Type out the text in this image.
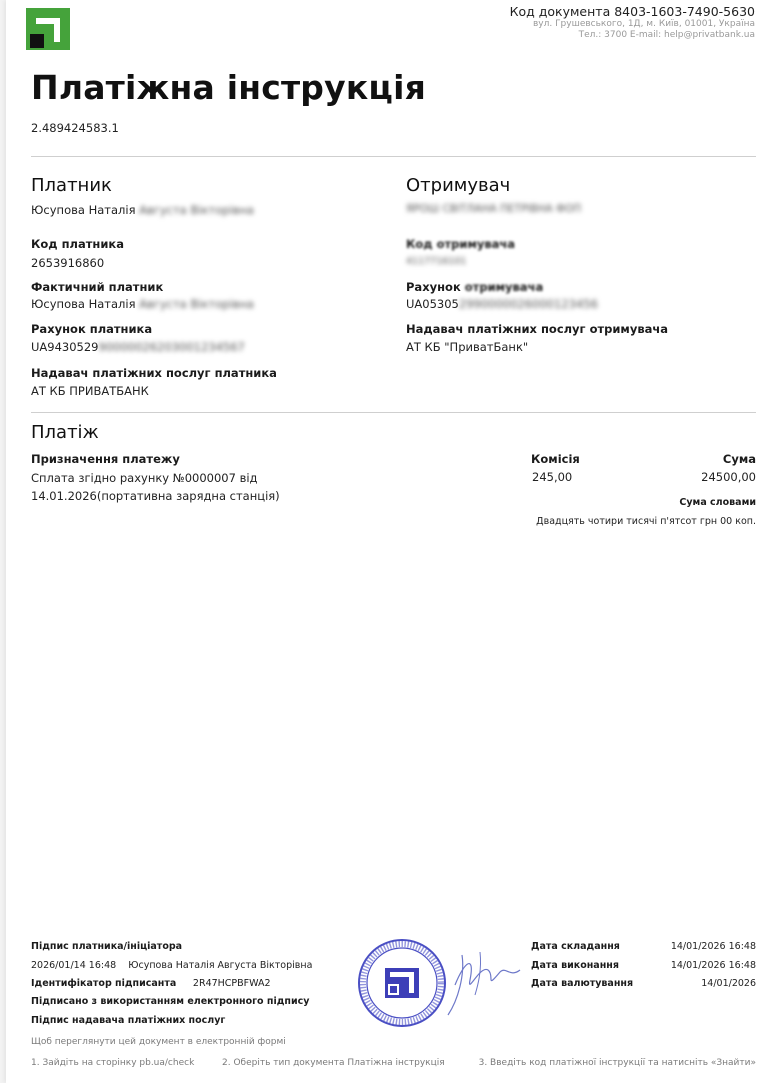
Код документа 8403-1603-7490-5630
вул. Грушевського, 1Д, м. Київ, 01001, Україна
Тел.: 3700 E-mail: help@privatbank.ua
Платіжна інструкція
2.489424583.1
Платник
Юсупова Наталія Августа Вікторівна
Код платника
2653916860
Фактичний платник
Юсупова Наталія Августа Вікторівна
Рахунок платника
UA943052990000026203001234567
Надавач платіжних послуг платника
АТ КБ ПРИВАТБАНК
Отримувач
ЯРОШ СВІТЛАНА ПЕТРІВНА ФОП
Код отримувача
4117716101
Рахунок отримувача
UA053052990000026000123456
Надавач платіжних послуг отримувача
АТ КБ "ПриватБанк"
Платіж
Призначення платежу
Сплата згідно рахунку №0000007 від
14.01.2026(портативна зарядна станція)
Комісія
245,00
Сума
24500,00
Сума словами
Двадцять чотири тисячі п'ятсот грн 00 коп.
Підпис платника/ініціатора
2026/01/14 16:48 Юсупова Наталія Августа Вікторівна
Ідентифікатор підписанта 2R47HCPBFWA2
Підписано з використанням електронного підпису
Підпис надавача платіжних послуг
Дата складання	14/01/2026 16:48
Дата виконання	14/01/2026 16:48
Дата валютування	14/01/2026
Щоб переглянути цей документ в електронній формі
1. Зайдіть на сторінку pb.ua/check	2. Оберіть тип документа Платіжна інструкція	3. Введіть код платіжної інструкції та натисніть «Знайти»
